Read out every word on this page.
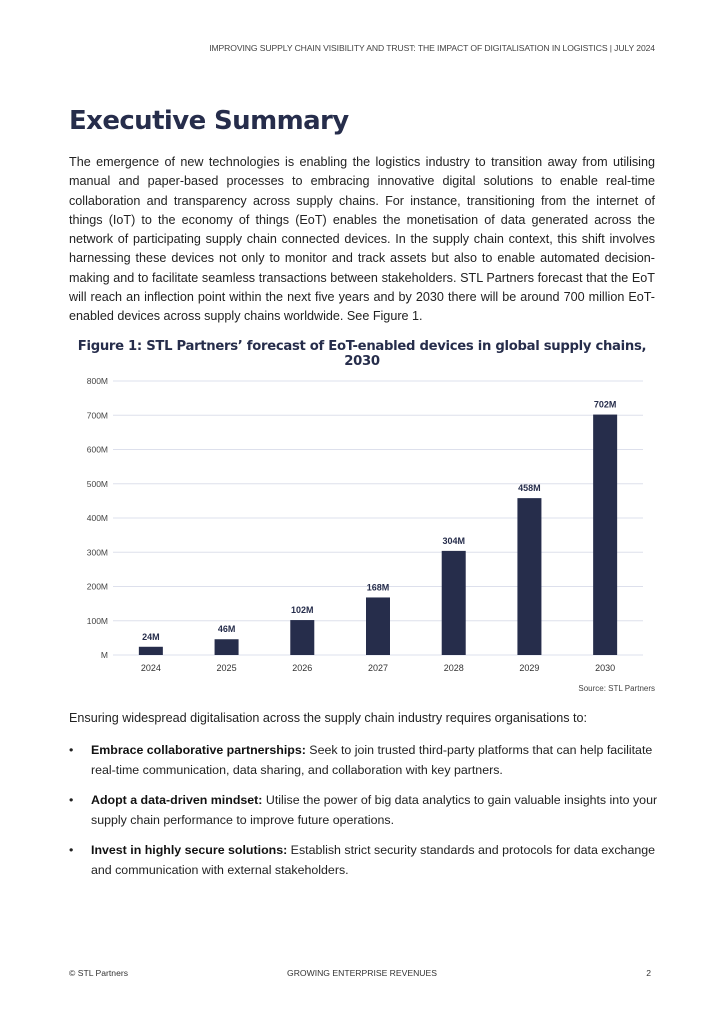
IMPROVING SUPPLY CHAIN VISIBILITY AND TRUST: THE IMPACT OF DIGITALISATION IN LOGISTICS | JULY 2024
Executive Summary

The emergence of new technologies is enabling the logistics industry to transition away from utilising manual and paper-based processes to embracing innovative digital solutions to enable real-time collaboration and transparency across supply chains. For instance, transitioning from the internet of things (IoT) to the economy of things (EoT) enables the monetisation of data generated across the network of participating supply chain connected devices. In the supply chain context, this shift involves harnessing these devices not only to monitor and track assets but also to enable automated decision-making and to facilitate seamless transactions between stakeholders. STL Partners forecast that the EoT will reach an inflection point within the next five years and by 2030 there will be around 700 million EoT-enabled devices across supply chains worldwide. See Figure 1.

Figure 1: STL Partners’ forecast of EoT-enabled devices in global supply chains, 2030
M
100M
200M
300M
400M
500M
600M
700M
800M
24M
2024
46M
2025
102M
2026
168M
2027
304M
2028
458M
2029
702M
2030
Source: STL Partners

Ensuring widespread digitalisation across the supply chain industry requires organisations to:

• Embrace collaborative partnerships: Seek to join trusted third-party platforms that can help facilitate real-time communication, data sharing, and collaboration with key partners.
• Adopt a data-driven mindset: Utilise the power of big data analytics to gain valuable insights into your supply chain performance to improve future operations.
• Invest in highly secure solutions: Establish strict security standards and protocols for data exchange and communication with external stakeholders.
© STL Partners	GROWING ENTERPRISE REVENUES	2
